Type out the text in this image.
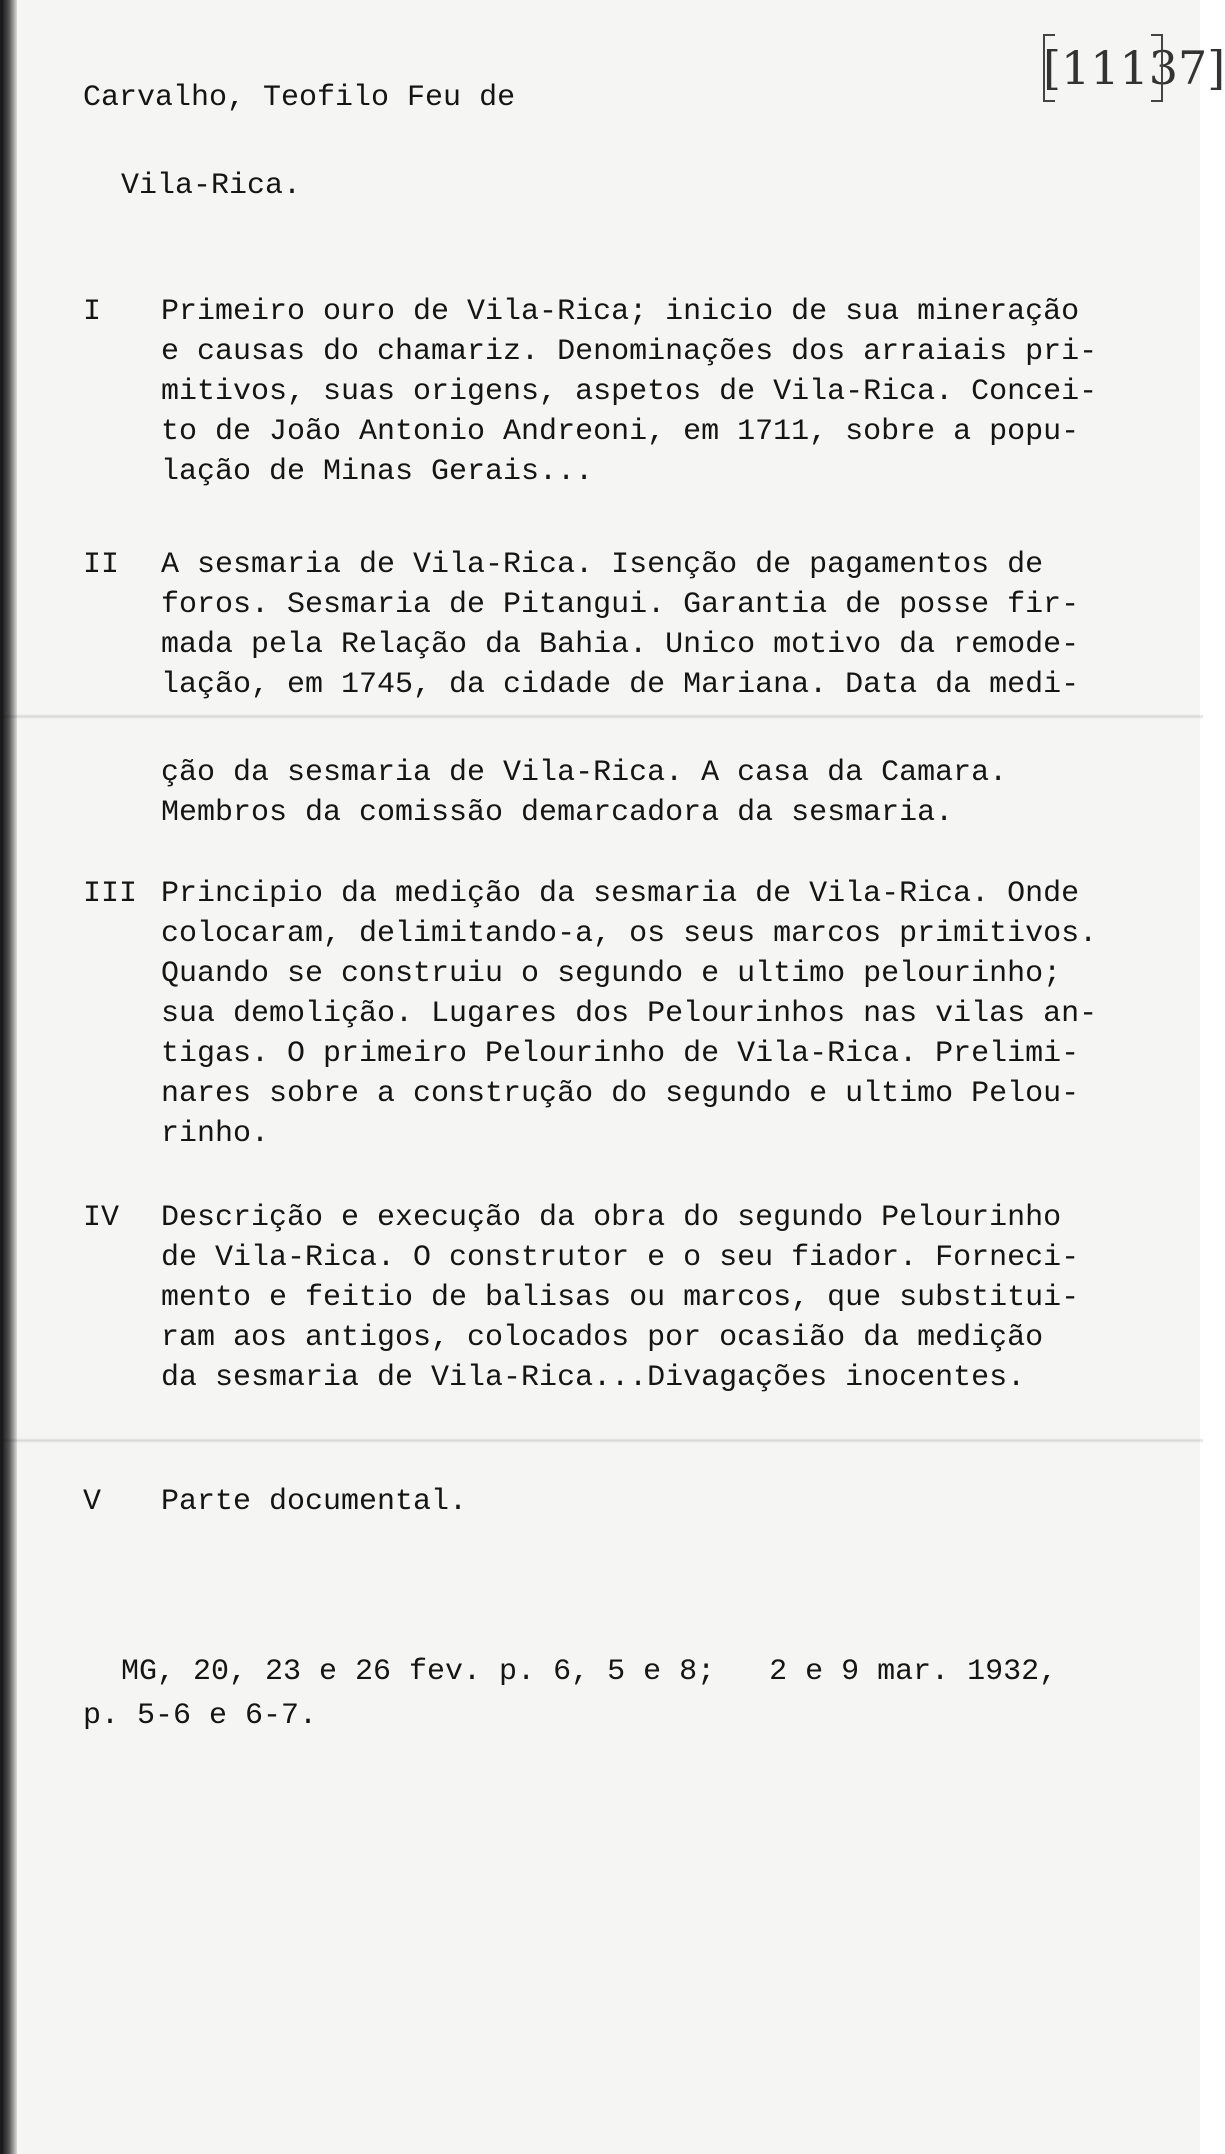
[11137]

Carvalho, Teofilo Feu de

Vila-Rica.

I Primeiro ouro de Vila-Rica; inicio de sua mineração
e causas do chamariz. Denominações dos arraiais pri-
mitivos, suas origens, aspetos de Vila-Rica. Concei-
to de João Antonio Andreoni, em 1711, sobre a popu-
lação de Minas Gerais...

II A sesmaria de Vila-Rica. Isenção de pagamentos de
foros. Sesmaria de Pitangui. Garantia de posse fir-
mada pela Relação da Bahia. Unico motivo da remode-
lação, em 1745, da cidade de Mariana. Data da medi-
ção da sesmaria de Vila-Rica. A casa da Camara.
Membros da comissão demarcadora da sesmaria.

III Principio da medição da sesmaria de Vila-Rica. Onde
colocaram, delimitando-a, os seus marcos primitivos.
Quando se construiu o segundo e ultimo pelourinho;
sua demolição. Lugares dos Pelourinhos nas vilas an-
tigas. O primeiro Pelourinho de Vila-Rica. Prelimi-
nares sobre a construção do segundo e ultimo Pelou-
rinho.

IV Descrição e execução da obra do segundo Pelourinho
de Vila-Rica. O construtor e o seu fiador. Forneci-
mento e feitio de balisas ou marcos, que substitui-
ram aos antigos, colocados por ocasião da medição
da sesmaria de Vila-Rica...Divagações inocentes.

V Parte documental.

MG, 20, 23 e 26 fev. p. 6, 5 e 8;   2 e 9 mar. 1932,

p. 5-6 e 6-7.
